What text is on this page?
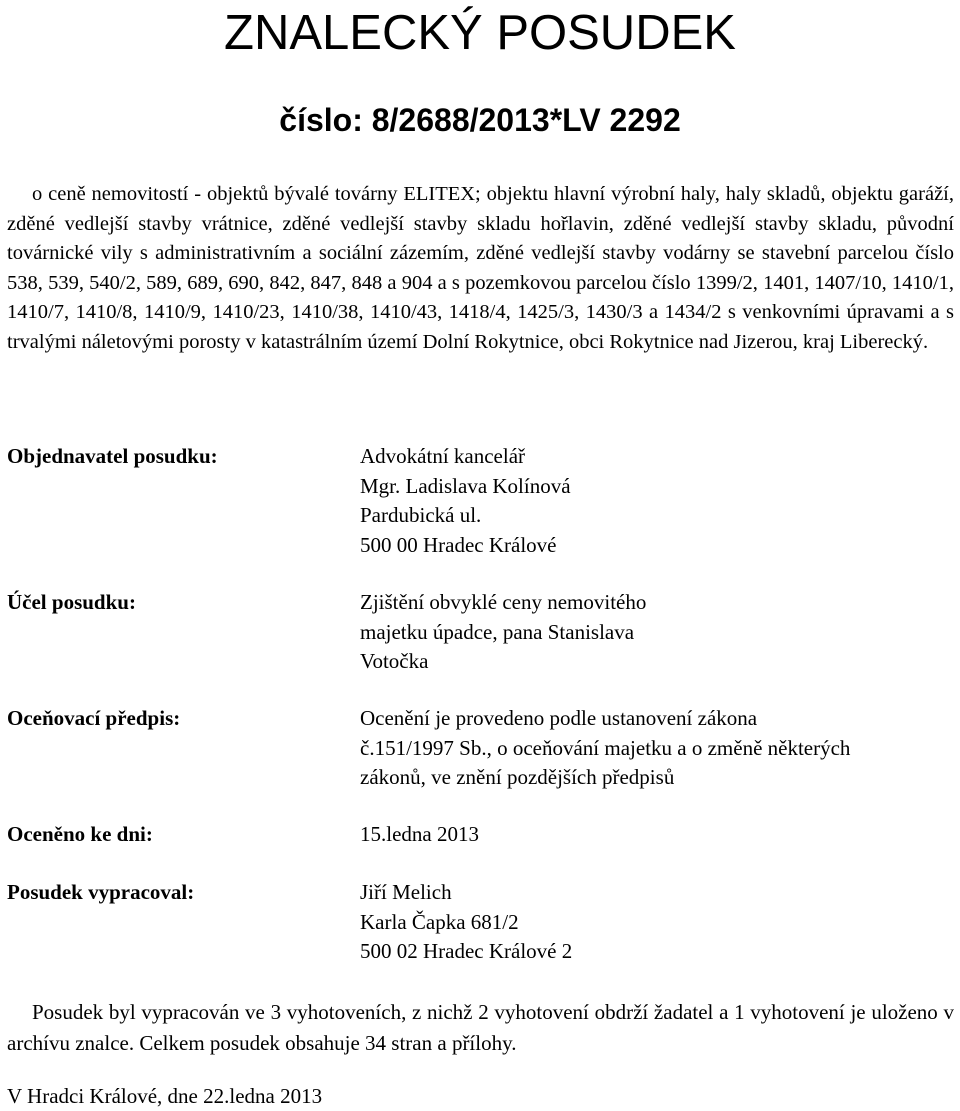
ZNALECKÝ POSUDEK
číslo: 8/2688/2013*LV 2292

o ceně nemovitostí - objektů bývalé továrny ELITEX; objektu hlavní výrobní haly, haly skladů, objektu garáží, zděné vedlejší stavby vrátnice, zděné vedlejší stavby skladu hořlavin, zděné vedlejší stavby skladu, původní továrnické vily s administrativním a sociální zázemím, zděné vedlejší stavby vodárny se stavební parcelou číslo 538, 539, 540/2, 589, 689, 690, 842, 847, 848 a 904 a s pozemkovou parcelou číslo 1399/2, 1401, 1407/10, 1410/1, 1410/7, 1410/8, 1410/9, 1410/23, 1410/38, 1410/43, 1418/4, 1425/3, 1430/3 a 1434/2 s venkovními úpravami a s trvalými náletovými porosty v katastrálním území Dolní Rokytnice, obci Rokytnice nad Jizerou, kraj Liberecký.

Objednavatel posudku:	Advokátní kancelář
Mgr. Ladislava Kolínová
Pardubická ul.
500 00 Hradec Králové
Účel posudku:	Zjištění obvyklé ceny nemovitého
majetku úpadce, pana Stanislava
Votočka
Oceňovací předpis:	Ocenění je provedeno podle ustanovení zákona
č.151/1997 Sb., o oceňování majetku a o změně některých
zákonů, ve znění pozdějších předpisů
Oceněno ke dni:	15.ledna 2013
Posudek vypracoval:	Jiří Melich
Karla Čapka 681/2
500 02 Hradec Králové 2

Posudek byl vypracován ve 3 vyhotoveních, z nichž 2 vyhotovení obdrží žadatel a 1 vyhotovení je uloženo v archívu znalce. Celkem posudek obsahuje 34 stran a přílohy.

V Hradci Králové, dne 22.ledna 2013
